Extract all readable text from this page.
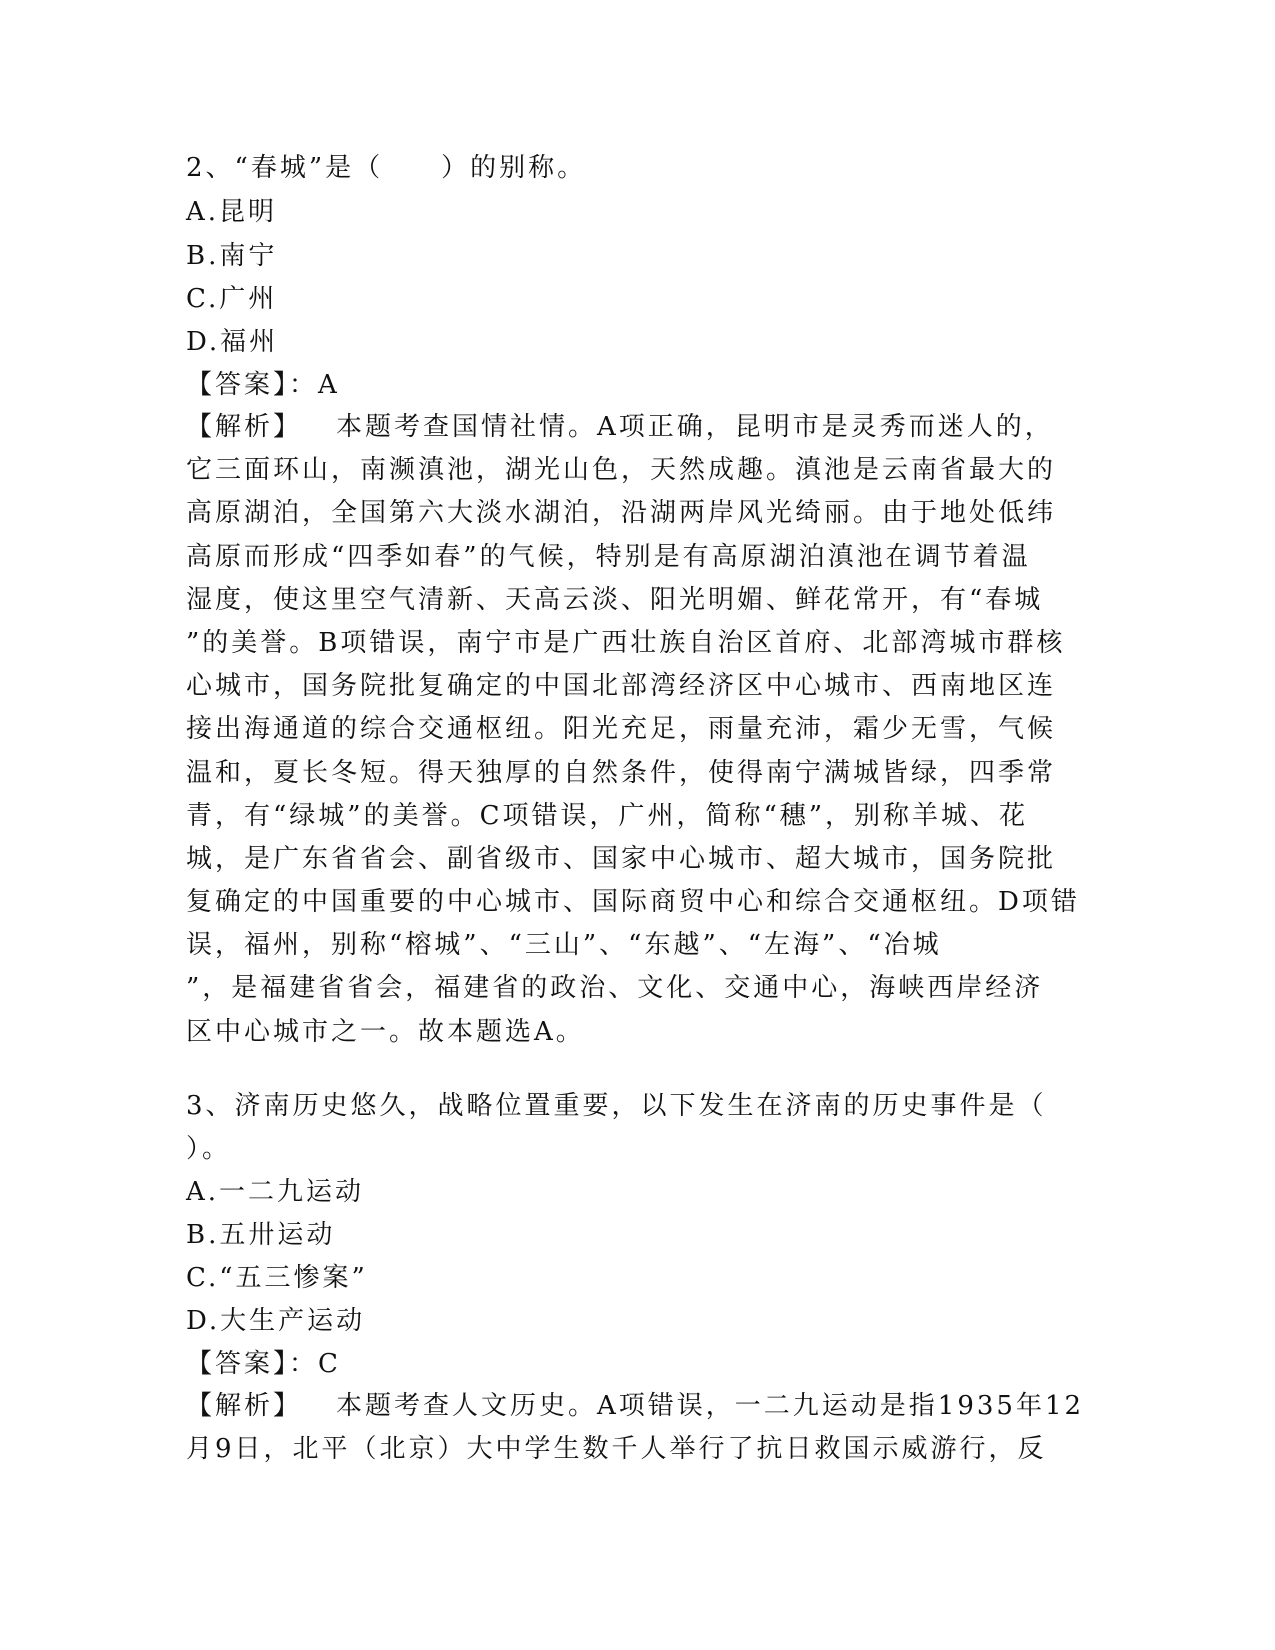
2、“春城”是（　　）的别称。
A.昆明
B.南宁
C.广州
D.福州
【答案】：A

【解析】 本题考查国情社情。A项正确，昆明市是灵秀而迷人的，

它三面环山，南濒滇池，湖光山色，天然成趣。滇池是云南省最大的

高原湖泊，全国第六大淡水湖泊，沿湖两岸风光绮丽。由于地处低纬

高原而形成“四季如春”的气候，特别是有高原湖泊滇池在调节着温

湿度，使这里空气清新、天高云淡、阳光明媚、鲜花常开，有“春城

”的美誉。B项错误，南宁市是广西壮族自治区首府、北部湾城市群核

心城市，国务院批复确定的中国北部湾经济区中心城市、西南地区连

接出海通道的综合交通枢纽。阳光充足，雨量充沛，霜少无雪，气候

温和，夏长冬短。得天独厚的自然条件，使得南宁满城皆绿，四季常

青，有“绿城”的美誉。C项错误，广州，简称“穗”，别称羊城、花

城，是广东省省会、副省级市、国家中心城市、超大城市，国务院批

复确定的中国重要的中心城市、国际商贸中心和综合交通枢纽。D项错

误，福州，别称“榕城”、“三山”、“东越”、“左海”、“冶城

”，是福建省省会，福建省的政治、文化、交通中心，海峡西岸经济

区中心城市之一。故本题选A。

3、济南历史悠久，战略位置重要，以下发生在济南的历史事件是（
）。
A.一二九运动
B.五卅运动
C.“五三惨案”
D.大生产运动
【答案】：C

【解析】 本题考查人文历史。A项错误，一二九运动是指1935年12

月9日，北平（北京）大中学生数千人举行了抗日救国示威游行，反
